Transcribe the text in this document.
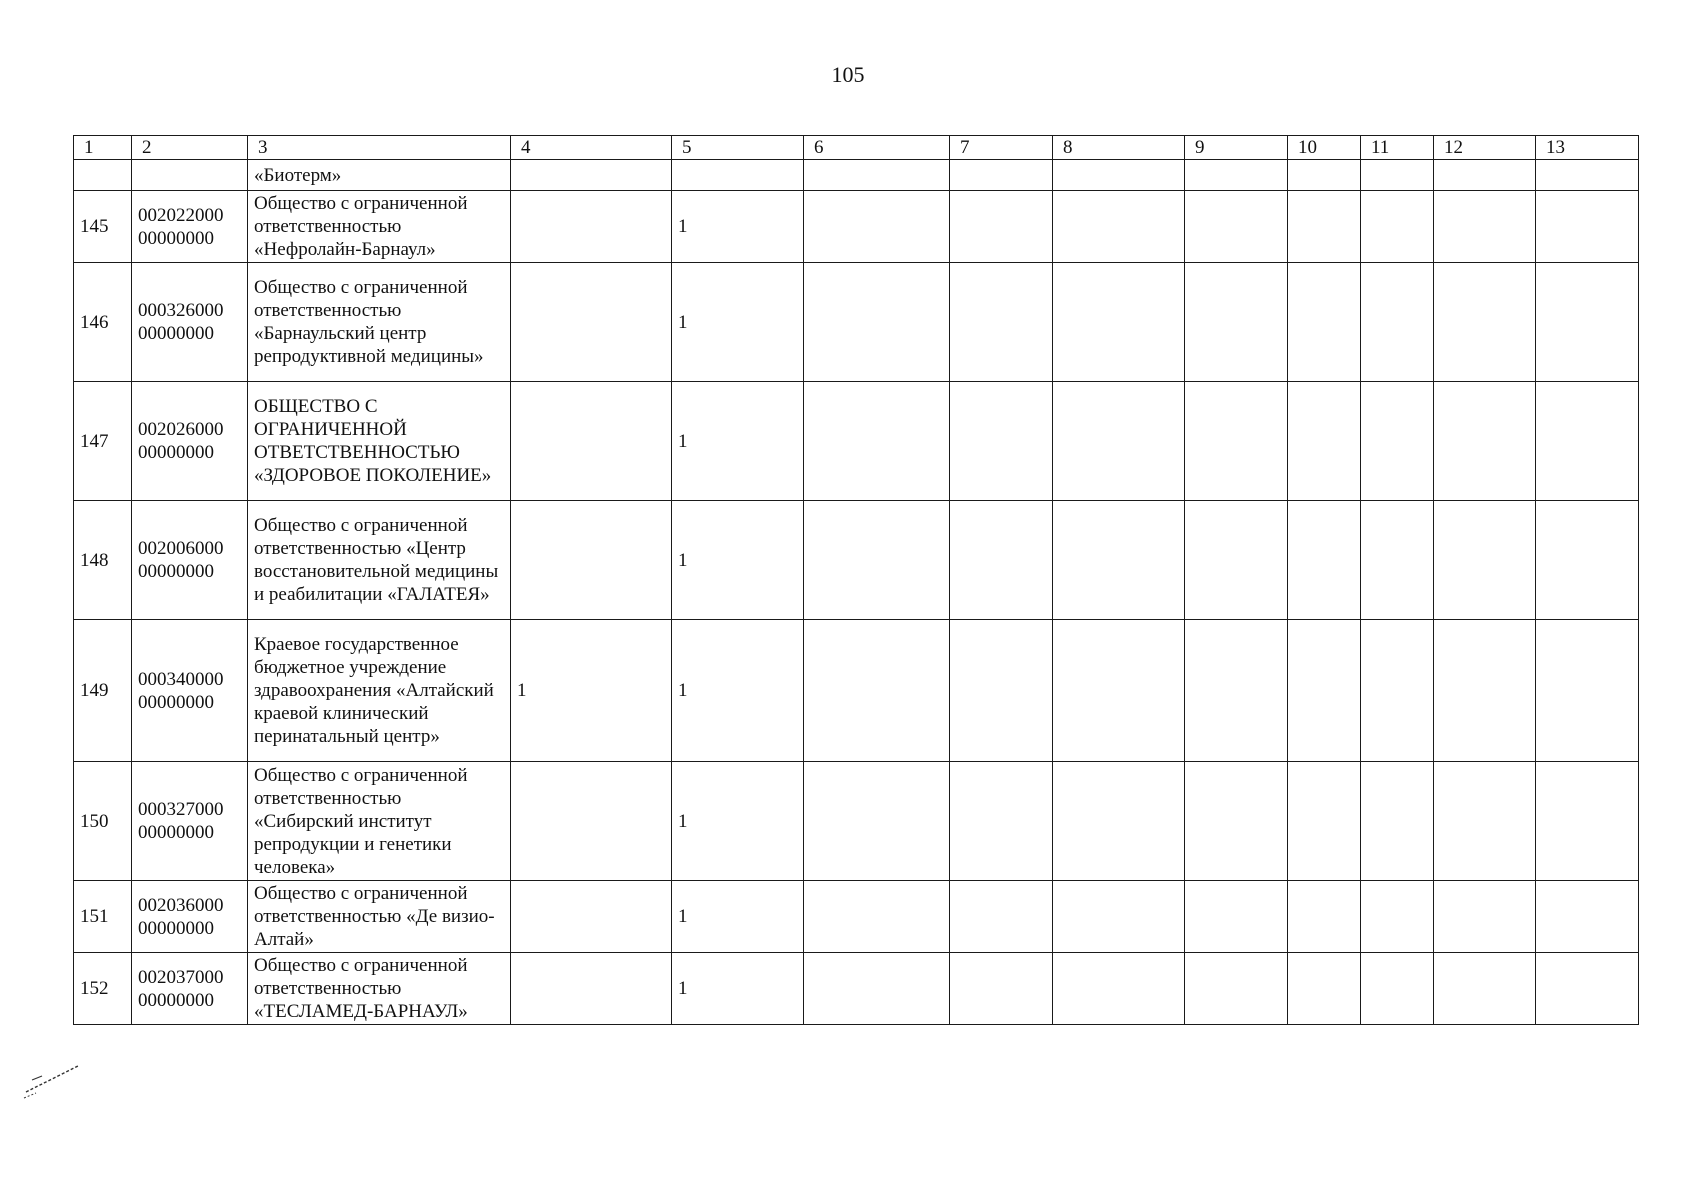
105
1	2	3	4	5	6	7	8	9	10	11	12	13
		«Биотерм»										
145	002022000 00000000	Общество с ограниченной ответственностью «Нефролайн-Барнаул»		1								
146	000326000 00000000	Общество с ограниченной ответственностью «Барнаульский центр репродуктивной медицины»		1								
147	002026000 00000000	ОБЩЕСТВО С ОГРАНИЧЕННОЙ ОТВЕТСТВЕННОСТЬЮ «ЗДОРОВОЕ ПОКОЛЕНИЕ»		1								
148	002006000 00000000	Общество с ограниченной ответственностью «Центр восстановительной медицины и реабилитации «ГАЛАТЕЯ»		1								
149	000340000 00000000	Краевое государственное бюджетное учреждение здравоохранения «Алтайский краевой клинический перинатальный центр»	1	1								
150	000327000 00000000	Общество с ограниченной ответственностью «Сибирский институт репродукции и генетики человека»		1								
151	002036000 00000000	Общество с ограниченной ответственностью «Де визио-Алтай»		1								
152	002037000 00000000	Общество с ограниченной ответственностью «ТЕСЛАМЕД-БАРНАУЛ»		1								
